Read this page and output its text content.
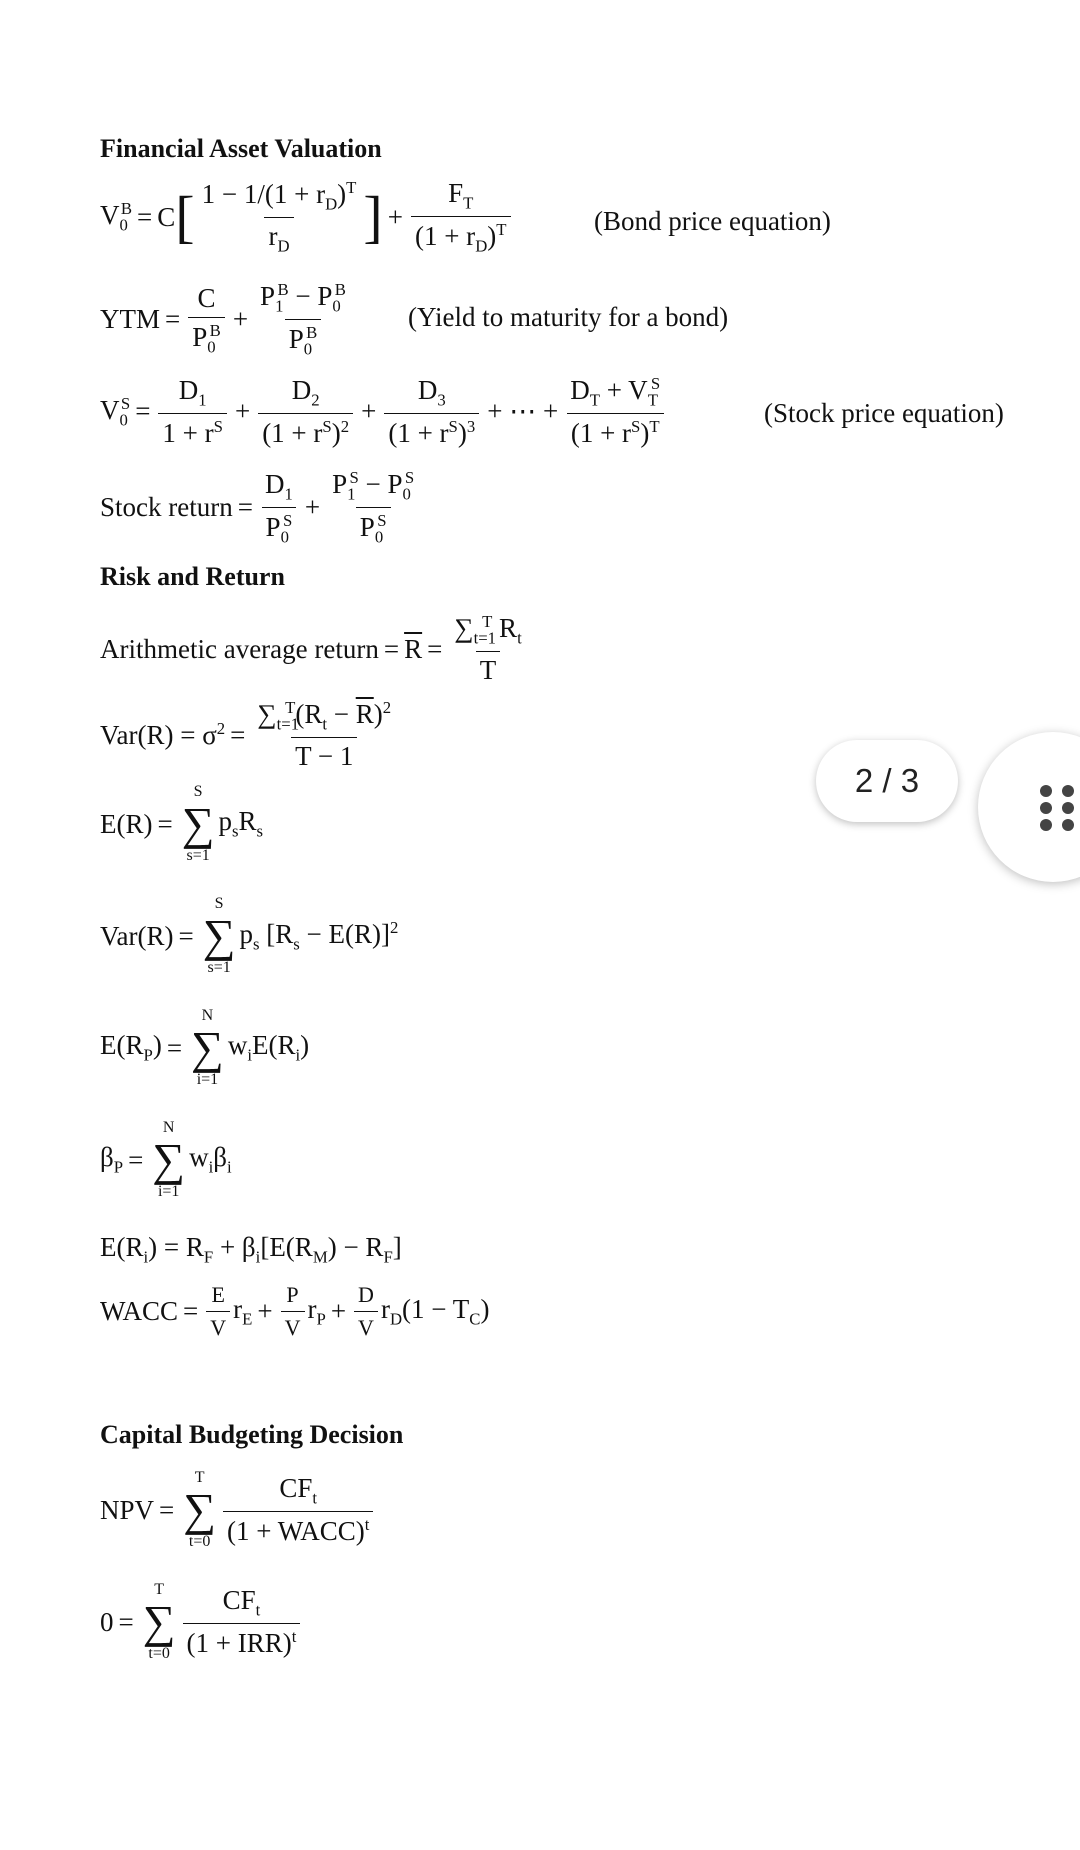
Financial Asset Valuation
$V_0^B = C$ [ $\frac{1 - 1/(1 + r_D)^T}{r_D}$ ] + $\frac{F_T}{(1 + r_D)^T}$	(Bond price equation)
YTM = $\frac{C}{P_0^B} + \frac{P_1^B - P_0^B}{P_0^B}$ (Yield to maturity for a bond)
$V_0^S = \frac{D_1}{1 + r^S} + \frac{D_2}{(1 + r^S)^2} + \frac{D_3}{(1 + r^S)^3}$ + ⋯ + $\frac{D_T + V_T^S}{(1 + r^S)^T}$	(Stock price equation)
Stock return = $\frac{D_1}{P_0^S} + \frac{P_1^S - P_0^S}{P_0^S}$
Risk and Return
Arithmetic average return = $\overline{R} = \frac{\sum_{t=1}^T R_t}{T}$
$Var(R) = \sigma^2 = \frac{\sum_{t=1}^T(R_t - \overline{R})^2}{T - 1}$
E(R) =
S
∑
s=1
$p_sR_s$
Var(R) =
S
∑
s=1
$p_s$ $[R_s - E(R)]^2$
$E(R_P)$ =
N
∑
i=1
$w_iE(R_i)$
$\beta_P$ =
N
∑
i=1
$w_i\beta_i$
$E(R_i) = R_F + \beta_i[E(R_M) - R_F]$
WACC = $\frac{E}{V} r_E + \frac{P}{V} r_P + \frac{D}{V} r_D(1 - T_C)$
Capital Budgeting Decision
NPV =
T
∑
$t=0 \frac{CF_t}{(1 + WACC)^t}$
0 =
T
∑
$t=0 \frac{CF_t}{(1 + IRR)^t}$
2 / 3
